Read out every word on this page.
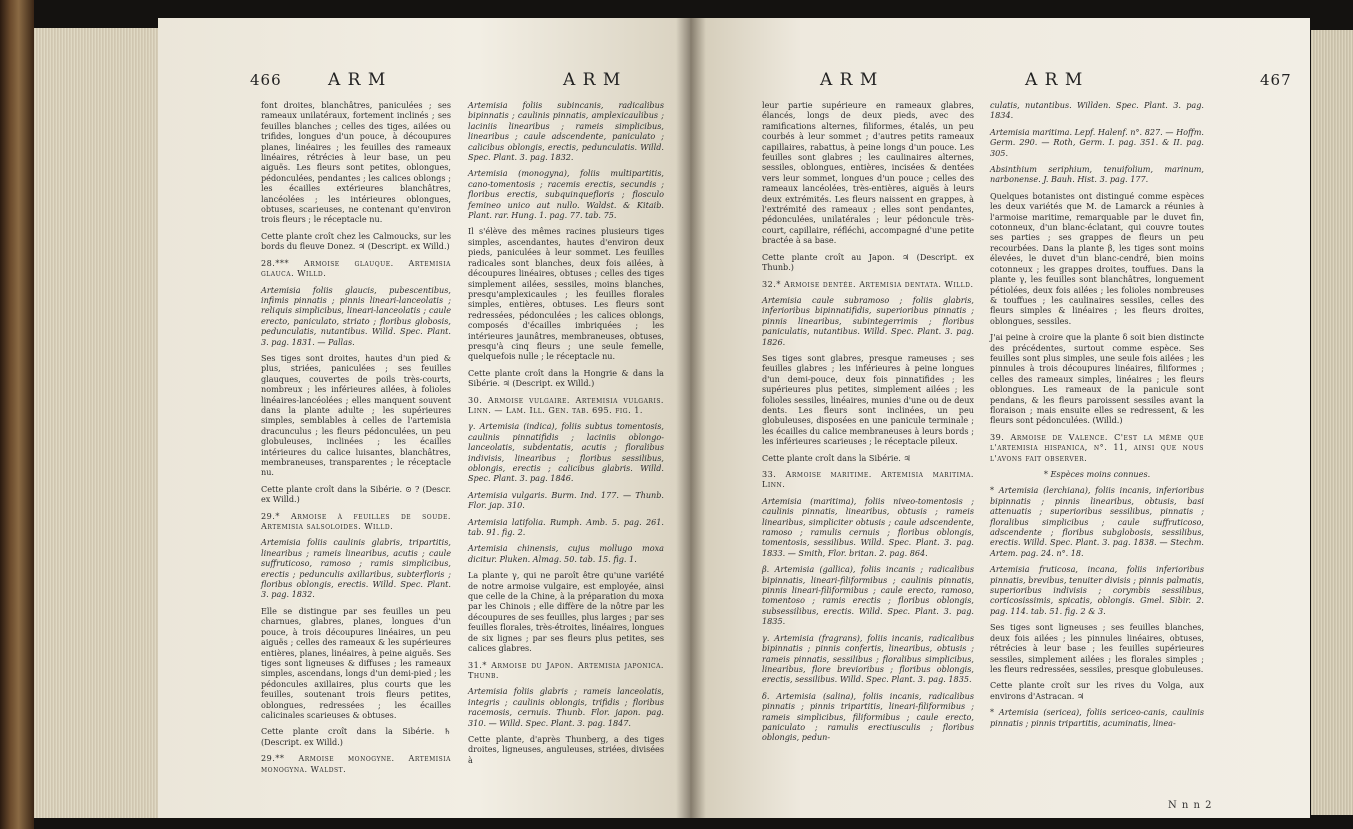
466	A R M	A R M

font droites, blanchâtres, paniculées ; ses rameaux unilatéraux, fortement inclinés ; ses feuilles blanches ; celles des tiges, ailées ou trifides, longues d'un pouce, à découpures planes, linéaires ; les feuilles des rameaux linéaires, rétrécies à leur base, un peu aiguës. Les fleurs sont petites, oblongues, pédonculées, pendantes ; les calices oblongs ; les écailles extérieures blanchâtres, lancéolées ; les intérieures oblongues, obtuses, scarieuses, ne contenant qu'environ trois fleurs ; le réceptacle nu.

Cette plante croît chez les Calmoucks, sur les bords du fleuve Donez. ♃ (Descript. ex Willd.)

28.*** Armoise glauque. Artemisia glauca. Willd.

Artemisia foliis glaucis, pubescentibus, infimis pinnatis ; pinnis lineari-lanceolatis ; reliquis simplicibus, lineari-lanceolatis ; caule erecto, paniculato, striato ; floribus globosis, pedunculatis, nutantibus. Willd. Spec. Plant. 3. pag. 1831. — Pallas.

Ses tiges sont droites, hautes d'un pied & plus, striées, paniculées ; ses feuilles glauques, couvertes de poils très-courts, nombreux ; les inférieures ailées, à folioles linéaires-lancéolées ; elles manquent souvent dans la plante adulte ; les supérieures simples, semblables à celles de l'artemisia dracunculus ; les fleurs pédonculées, un peu globuleuses, inclinées ; les écailles intérieures du calice luisantes, blanchâtres, membraneuses, transparentes ; le réceptacle nu.

Cette plante croît dans la Sibérie. ⊙ ? (Descr. ex Willd.)

29.* Armoise à feuilles de soude. Artemisia salsoloides. Willd.

Artemisia foliis caulinis glabris, tripartitis, linearibus ; rameis linearibus, acutis ; caule suffruticoso, ramoso ; ramis simplicibus, erectis ; pedunculis axillaribus, subterfloris ; floribus oblongis, erectis. Willd. Spec. Plant. 3. pag. 1832.

Elle se distingue par ses feuilles un peu charnues, glabres, planes, longues d'un pouce, à trois découpures linéaires, un peu aiguës ; celles des rameaux & les supérieures entières, planes, linéaires, à peine aiguës. Ses tiges sont ligneuses & diffuses ; les rameaux simples, ascendans, longs d'un demi-pied ; les pédoncules axillaires, plus courts que les feuilles, soutenant trois fleurs petites, oblongues, redressées ; les écailles calicinales scarieuses & obtuses.

Cette plante croît dans la Sibérie. ♄ (Descript. ex Willd.)

29.** Armoise monogyne. Artemisia monogyna. Waldst.

Artemisia foliis subincanis, radicalibus bipinnatis ; caulinis pinnatis, amplexicaulibus ; laciniis linearibus ; rameis simplicibus, linearibus ; caule adscendente, paniculato ; calicibus oblongis, erectis, pedunculatis. Willd. Spec. Plant. 3. pag. 1832.

Artemisia (monogyna), foliis multipartitis, cano-tomentosis ; racemis erectis, secundis ; floribus erectis, subquinquefloris ; flosculo femineo unico aut nullo. Waldst. & Kitaib. Plant. rar. Hung. 1. pag. 77. tab. 75.

Il s'élève des mêmes racines plusieurs tiges simples, ascendantes, hautes d'environ deux pieds, paniculées à leur sommet. Les feuilles radicales sont blanches, deux fois ailées, à découpures linéaires, obtuses ; celles des tiges simplement ailées, sessiles, moins blanches, presqu'amplexicaules ; les feuilles florales simples, entières, obtuses. Les fleurs sont redressées, pédonculées ; les calices oblongs, composés d'écailles imbriquées ; les intérieures jaunâtres, membraneuses, obtuses, presqu'à cinq fleurs ; une seule femelle, quelquefois nulle ; le réceptacle nu.

Cette plante croît dans la Hongrie & dans la Sibérie. ♃ (Descript. ex Willd.)

30. Armoise vulgaire. Artemisia vulgaris. Linn. — Lam. Ill. Gen. tab. 695. fig. 1.

γ. Artemisia (indica), foliis subtus tomentosis, caulinis pinnatifidis ; laciniis oblongo-lanceolatis, subdentatis, acutis ; floralibus indivisis, linearibus ; floribus sessilibus, oblongis, erectis ; calicibus glabris. Willd. Spec. Plant. 3. pag. 1846.

Artemisia vulgaris. Burm. Ind. 177. — Thunb. Flor. jap. 310.

Artemisia latifolia. Rumph. Amb. 5. pag. 261. tab. 91. fig. 2.

Artemisia chinensis, cujus mollugo moxa dicitur. Pluken. Almag. 50. tab. 15. fig. 1.

La plante γ, qui ne paroît être qu'une variété de notre armoise vulgaire, est employée, ainsi que celle de la Chine, à la préparation du moxa par les Chinois ; elle diffère de la nôtre par les découpures de ses feuilles, plus larges ; par ses feuilles florales, très-étroites, linéaires, longues de six lignes ; par ses fleurs plus petites, ses calices glabres.

31.* Armoise du Japon. Artemisia japonica. Thunb.

Artemisia foliis glabris ; rameis lanceolatis, integris ; caulinis oblongis, trifidis ; floribus racemosis, cernuis. Thunb. Flor. japon. pag. 310. — Willd. Spec. Plant. 3. pag. 1847.

Cette plante, d'après Thunberg, a des tiges droites, ligneuses, anguleuses, striées, divisées à

A R M	A R M	467

leur partie supérieure en rameaux glabres, élancés, longs de deux pieds, avec des ramifications alternes, filiformes, étalés, un peu courbés à leur sommet ; d'autres petits rameaux capillaires, rabattus, à peine longs d'un pouce. Les feuilles sont glabres ; les caulinaires alternes, sessiles, oblongues, entières, incisées & dentées vers leur sommet, longues d'un pouce ; celles des rameaux lancéolées, très-entières, aiguës à leurs deux extrémités. Les fleurs naissent en grappes, à l'extrémité des rameaux ; elles sont pendantes, pédonculées, unilatérales ; leur pédoncule très-court, capillaire, réfléchi, accompagné d'une petite bractée à sa base.

Cette plante croît au Japon. ♃ (Descript. ex Thunb.)

32.* Armoise dentée. Artemisia dentata. Willd.

Artemisia caule subramoso ; foliis glabris, inferioribus bipinnatifidis, superioribus pinnatis ; pinnis linearibus, subintegerrimis ; floribus paniculatis, nutantibus. Willd. Spec. Plant. 3. pag. 1826.

Ses tiges sont glabres, presque rameuses ; ses feuilles glabres ; les inférieures à peine longues d'un demi-pouce, deux fois pinnatifides ; les supérieures plus petites, simplement ailées ; les folioles sessiles, linéaires, munies d'une ou de deux dents. Les fleurs sont inclinées, un peu globuleuses, disposées en une panicule terminale ; les écailles du calice membraneuses à leurs bords ; les inférieures scarieuses ; le réceptacle pileux.

Cette plante croît dans la Sibérie. ♃

33. Armoise maritime. Artemisia maritima. Linn.

Artemisia (maritima), foliis niveo-tomentosis ; caulinis pinnatis, linearibus, obtusis ; rameis linearibus, simpliciter obtusis ; caule adscendente, ramoso ; ramulis cernuis ; floribus oblongis, tomentosis, sessilibus. Willd. Spec. Plant. 3. pag. 1833. — Smith, Flor. britan. 2. pag. 864.

β. Artemisia (gallica), foliis incanis ; radicalibus bipinnatis, lineari-filiformibus ; caulinis pinnatis, pinnis lineari-filiformibus ; caule erecto, ramoso, tomentoso ; ramis erectis ; floribus oblongis, subsessilibus, erectis. Willd. Spec. Plant. 3. pag. 1835.

γ. Artemisia (fragrans), foliis incanis, radicalibus bipinnatis ; pinnis confertis, linearibus, obtusis ; rameis pinnatis, sessilibus ; floralibus simplicibus, linearibus, flore brevioribus ; floribus oblongis, erectis, sessilibus. Willd. Spec. Plant. 3. pag. 1835.

δ. Artemisia (salina), foliis incanis, radicalibus pinnatis ; pinnis tripartitis, lineari-filiformibus ; rameis simplicibus, filiformibus ; caule erecto, paniculato ; ramulis erectiusculis ; floribus oblongis, pedun-

culatis, nutantibus. Willden. Spec. Plant. 3. pag. 1834.

Artemisia maritima. Lepf. Halenf. n°. 827. — Hoffm. Germ. 290. — Roth, Germ. I. pag. 351. & II. pag. 305.

Absinthium seriphium, tenuifolium, marinum, narbonense. J. Bauh. Hist. 3. pag. 177.

Quelques botanistes ont distingué comme espèces les deux variétés que M. de Lamarck a réunies à l'armoise maritime, remarquable par le duvet fin, cotonneux, d'un blanc-éclatant, qui couvre toutes ses parties ; ses grappes de fleurs un peu recourbées. Dans la plante β, les tiges sont moins élevées, le duvet d'un blanc-cendré, bien moins cotonneux ; les grappes droites, touffues. Dans la plante γ, les feuilles sont blanchâtres, longuement pétiolées, deux fois ailées ; les folioles nombreuses & touffues ; les caulinaires sessiles, celles des fleurs simples & linéaires ; les fleurs droites, oblongues, sessiles.

J'ai peine à croire que la plante δ soit bien distincte des précédentes, surtout comme espèce. Ses feuilles sont plus simples, une seule fois ailées ; les pinnules à trois découpures linéaires, filiformes ; celles des rameaux simples, linéaires ; les fleurs oblongues. Les rameaux de la panicule sont pendans, & les fleurs paroissent sessiles avant la floraison ; mais ensuite elles se redressent, & les fleurs sont pédonculées. (Willd.)

39. Armoise de Valence. C'est la même que l'artemisia hispanica, n°. 11, ainsi que nous l'avons fait observer.

* Espèces moins connues.

* Artemisia (lerchiana), foliis incanis, inferioribus bipinnatis ; pinnis linearibus, obtusis, basi attenuatis ; superioribus sessilibus, pinnatis ; floralibus simplicibus ; caule suffruticoso, adscendente ; floribus subglobosis, sessilibus, erectis. Willd. Spec. Plant. 3. pag. 1838. — Stechm. Artem. pag. 24. n°. 18.

Artemisia fruticosa, incana, foliis inferioribus pinnatis, brevibus, tenuiter divisis ; pinnis palmatis, superioribus indivisis ; corymbis sessilibus, corticosissimis, spicatis, oblongis. Gmel. Sibir. 2. pag. 114. tab. 51. fig. 2 & 3.

Ses tiges sont ligneuses ; ses feuilles blanches, deux fois ailées ; les pinnules linéaires, obtuses, rétrécies à leur base ; les feuilles supérieures sessiles, simplement ailées ; les florales simples ; les fleurs redressées, sessiles, presque globuleuses.

Cette plante croît sur les rives du Volga, aux environs d'Astracan. ♃

* Artemisia (sericea), foliis sericeo-canis, caulinis pinnatis ; pinnis tripartitis, acuminatis, linea-

N n n 2
